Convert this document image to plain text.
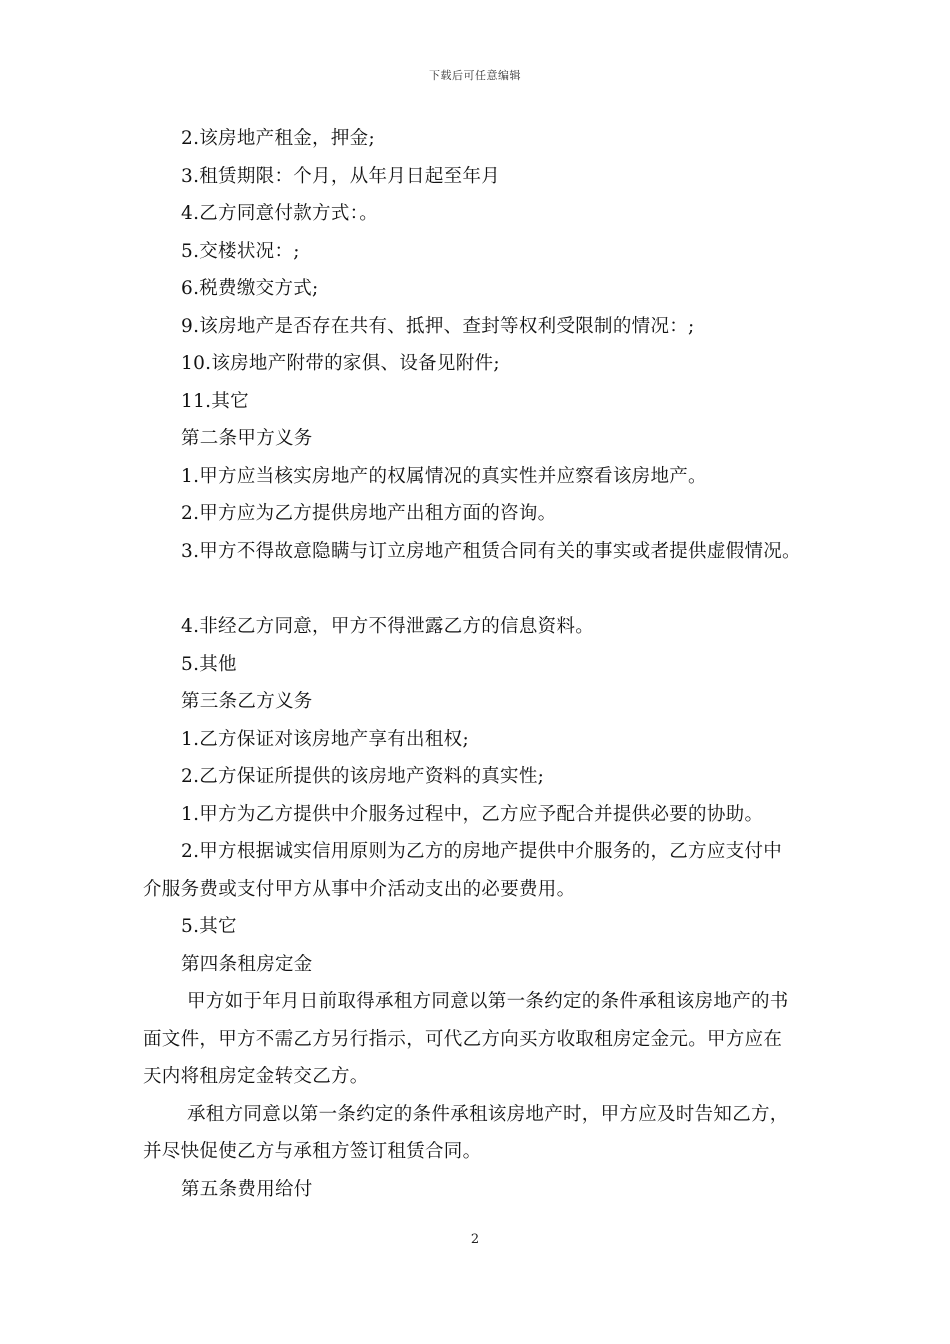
下载后可任意编辑
2.该房地产租金，押金;
3.租赁期限：个月，从年月日起至年月
4.乙方同意付款方式：。
5.交楼状况：;
6.税费缴交方式;
9.该房地产是否存在共有、抵押、查封等权利受限制的情况：;
10.该房地产附带的家俱、设备见附件;
11.其它
第二条甲方义务
1.甲方应当核实房地产的权属情况的真实性并应察看该房地产。
2.甲方应为乙方提供房地产出租方面的咨询。
3.甲方不得故意隐瞒与订立房地产租赁合同有关的事实或者提供虚假情况。
4.非经乙方同意，甲方不得泄露乙方的信息资料。
5.其他
第三条乙方义务
1.乙方保证对该房地产享有出租权;
2.乙方保证所提供的该房地产资料的真实性;
1.甲方为乙方提供中介服务过程中，乙方应予配合并提供必要的协助。
2.甲方根据诚实信用原则为乙方的房地产提供中介服务的，乙方应支付中
介服务费或支付甲方从事中介活动支出的必要费用。
5.其它
第四条租房定金
甲方如于年月日前取得承租方同意以第一条约定的条件承租该房地产的书
面文件，甲方不需乙方另行指示，可代乙方向买方收取租房定金元。甲方应在
天内将租房定金转交乙方。
承租方同意以第一条约定的条件承租该房地产时，甲方应及时告知乙方，
并尽快促使乙方与承租方签订租赁合同。
第五条费用给付
2
